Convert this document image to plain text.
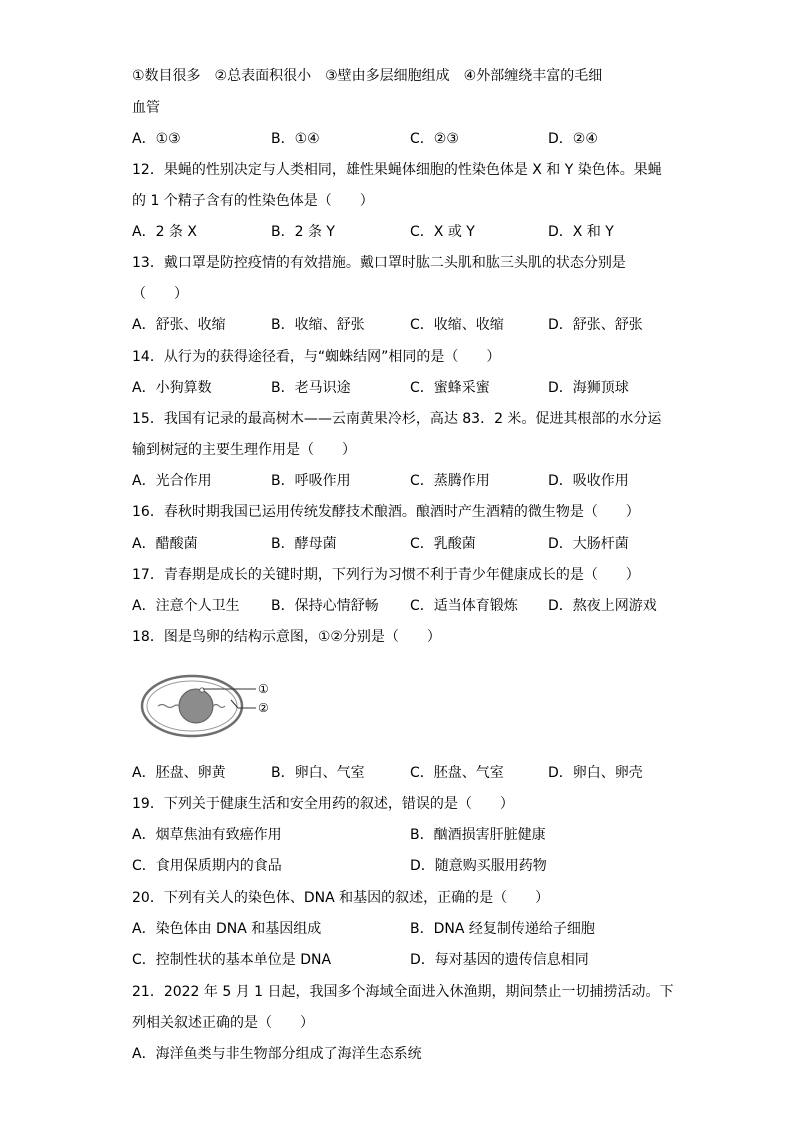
①数目很多　②总表面积很小　③壁由多层细胞组成　④外部缠绕丰富的毛细
血管
A．①③	B．①④	C．②③	D．②④
12．果蝇的性别决定与人类相同，雄性果蝇体细胞的性染色体是 X 和 Y 染色体。果蝇
的 1 个精子含有的性染色体是（　　）
A．2 条 X	B．2 条 Y	C．X 或 Y	D．X 和 Y
13．戴口罩是防控疫情的有效措施。戴口罩时肱二头肌和肱三头肌的状态分别是
（　　）
A．舒张、收缩	B．收缩、舒张	C．收缩、收缩	D．舒张、舒张
14．从行为的获得途径看，与“蜘蛛结网”相同的是（　　）
A．小狗算数	B．老马识途	C．蜜蜂采蜜	D．海狮顶球
15．我国有记录的最高树木——云南黄果冷杉，高达 83．2 米。促进其根部的水分运
输到树冠的主要生理作用是（　　）
A．光合作用	B．呼吸作用	C．蒸腾作用	D．吸收作用
16．春秋时期我国已运用传统发酵技术酿酒。酿酒时产生酒精的微生物是（　　）
A．醋酸菌	B．酵母菌	C．乳酸菌	D．大肠杆菌
17．青春期是成长的关键时期，下列行为习惯不利于青少年健康成长的是（　　）
A．注意个人卫生 B．保持心情舒畅 C．适当体育锻炼 D．熬夜上网游戏
18．图是鸟卵的结构示意图，①②分别是（　　）
①
②
A．胚盘、卵黄	B．卵白、气室	C．胚盘、气室	D．卵白、卵壳
19．下列关于健康生活和安全用药的叙述，错误的是（　　）
A．烟草焦油有致癌作用	B．酗酒损害肝脏健康
C．食用保质期内的食品	D．随意购买服用药物
20．下列有关人的染色体、DNA 和基因的叙述，正确的是（　　）
A．染色体由 DNA 和基因组成	B．DNA 经复制传递给子细胞
C．控制性状的基本单位是 DNA	D．每对基因的遗传信息相同
21．2022 年 5 月 1 日起，我国多个海域全面进入休渔期，期间禁止一切捕捞活动。下
列相关叙述正确的是（　　）
A．海洋鱼类与非生物部分组成了海洋生态系统
